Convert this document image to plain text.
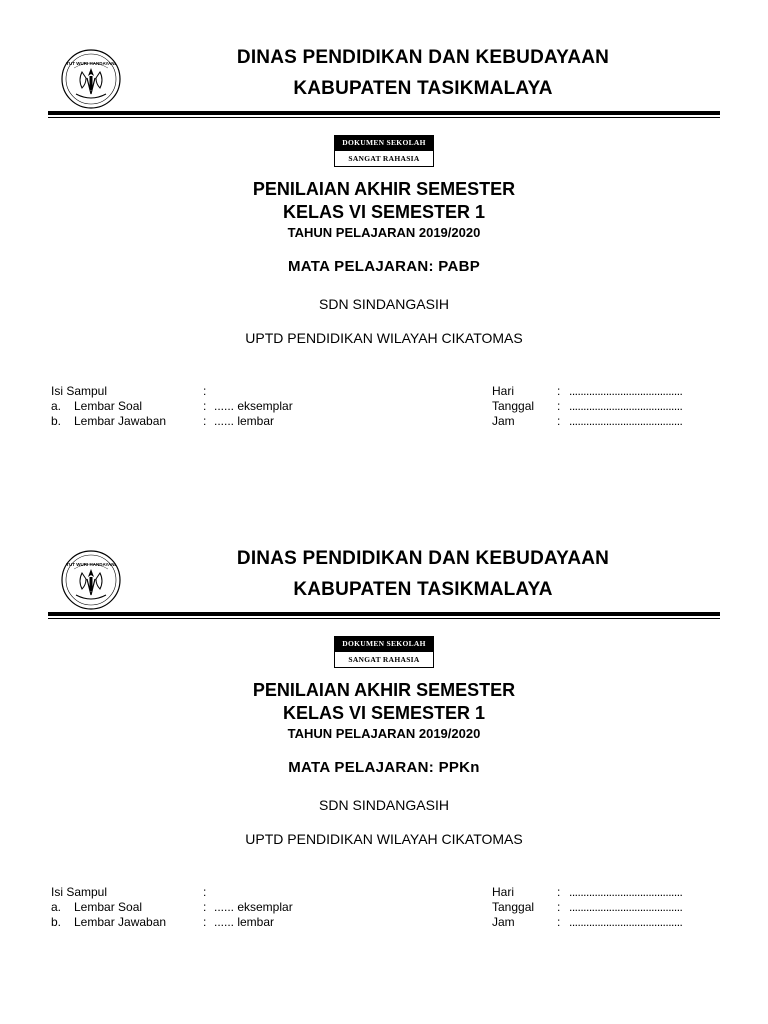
TUT WURI HANDAYANI	DINAS PENDIDIKAN DAN KEBUDAYAAN
KABUPATEN TASIKMALAYA
DOKUMEN SEKOLAH
SANGAT RAHASIA
PENILAIAN AKHIR SEMESTER
KELAS VI SEMESTER 1
TAHUN PELAJARAN 2019/2020
MATA PELAJARAN: PABP
SDN SINDANGASIH
UPTD PENDIDIKAN WILAYAH CIKATOMAS
Isi Sampul	:
a. Lembar Soal	: ...... eksemplar
b. Lembar Jawaban	: ...... lembar
Hari	: ........................................
Tanggal : ........................................
Jam	: ........................................
TUT WURI HANDAYANI	DINAS PENDIDIKAN DAN KEBUDAYAAN
KABUPATEN TASIKMALAYA
DOKUMEN SEKOLAH
SANGAT RAHASIA
PENILAIAN AKHIR SEMESTER
KELAS VI SEMESTER 1
TAHUN PELAJARAN 2019/2020
MATA PELAJARAN: PPKn
SDN SINDANGASIH
UPTD PENDIDIKAN WILAYAH CIKATOMAS
Isi Sampul	:
a. Lembar Soal	: ...... eksemplar
b. Lembar Jawaban	: ...... lembar
Hari	: ........................................
Tanggal : ........................................
Jam	: ........................................
